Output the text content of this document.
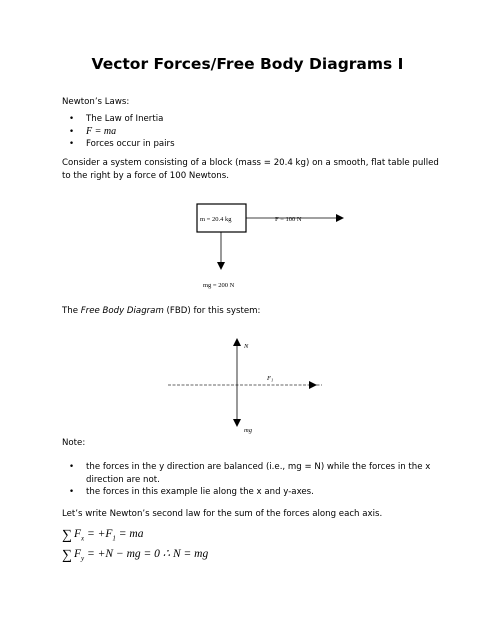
Vector Forces/Free Body Diagrams I
Newton’s Laws:
• The Law of Inertia
• F = ma
• Forces occur in pairs
Consider a system consisting of a block (mass = 20.4 kg) on a smooth, flat table pulled to the right by a force of 100 Newtons.
m = 20.4 kg	F = 100 N
mg = 200 N
The Free Body Diagram (FBD) for this system:
N
$F_1$
mg
Note:
• the forces in the y direction are balanced (i.e., mg = N) while the forces in the x direction are not.
• the forces in this example lie along the x and y-axes.
Let’s write Newton’s second law for the sum of the forces along each axis.
∑ $F_x = +F_1$ = ma
∑ $F_y = +N$ − mg = 0 ∴ N = mg
